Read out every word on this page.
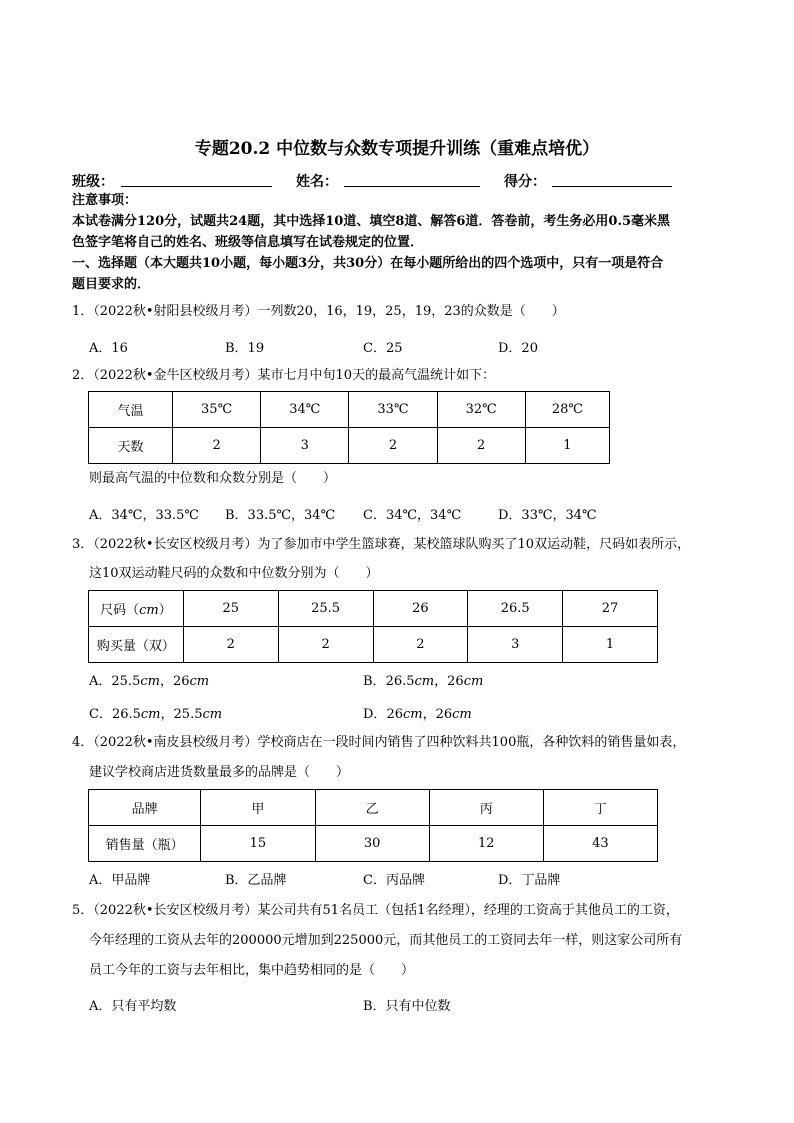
专题20.2 中位数与众数专项提升训练（重难点培优）
班级：	姓名：	得分：
注意事项：
本试卷满分120分，试题共24题，其中选择10道、填空8道、解答6道．答卷前，考生务必用0.5毫米黑
色签字笔将自己的姓名、班级等信息填写在试卷规定的位置．
一、选择题（本大题共10小题，每小题3分，共30分）在每小题所给出的四个选项中，只有一项是符合
题目要求的．
1．（2022秋•射阳县校级月考）一列数20，16，19，25，19，23的众数是（　　）
A．16	B．19	C．25	D．20
2．（2022秋•金牛区校级月考）某市七月中旬10天的最高气温统计如下：
气温	35℃	34℃	33℃	32℃	28℃
天数	2	3	2	2	1
则最高气温的中位数和众数分别是（　　）
A．34℃，33.5℃ B．33.5℃，34℃ C．34℃，34℃	D．33℃，34℃
3．（2022秋•长安区校级月考）为了参加市中学生篮球赛，某校篮球队购买了10双运动鞋，尺码如表所示，
这10双运动鞋尺码的众数和中位数分别为（　　）
尺码（cm）	25	25.5	26	26.5	27
购买量（双）	2	2	2	3	1
A．25.5cm，26cm	B．26.5cm，26cm
C．26.5cm，25.5cm	D．26cm，26cm
4．（2022秋•南皮县校级月考）学校商店在一段时间内销售了四种饮料共100瓶，各种饮料的销售量如表，
建议学校商店进货数量最多的品牌是（　　）
品牌	甲	乙	丙	丁
销售量（瓶）	15	30	12	43
A．甲品牌	B．乙品牌	C．丙品牌	D．丁品牌
5．（2022秋•长安区校级月考）某公司共有51名员工（包括1名经理），经理的工资高于其他员工的工资，
今年经理的工资从去年的200000元增加到225000元，而其他员工的工资同去年一样，则这家公司所有
员工今年的工资与去年相比，集中趋势相同的是（　　）
A．只有平均数	B．只有中位数
